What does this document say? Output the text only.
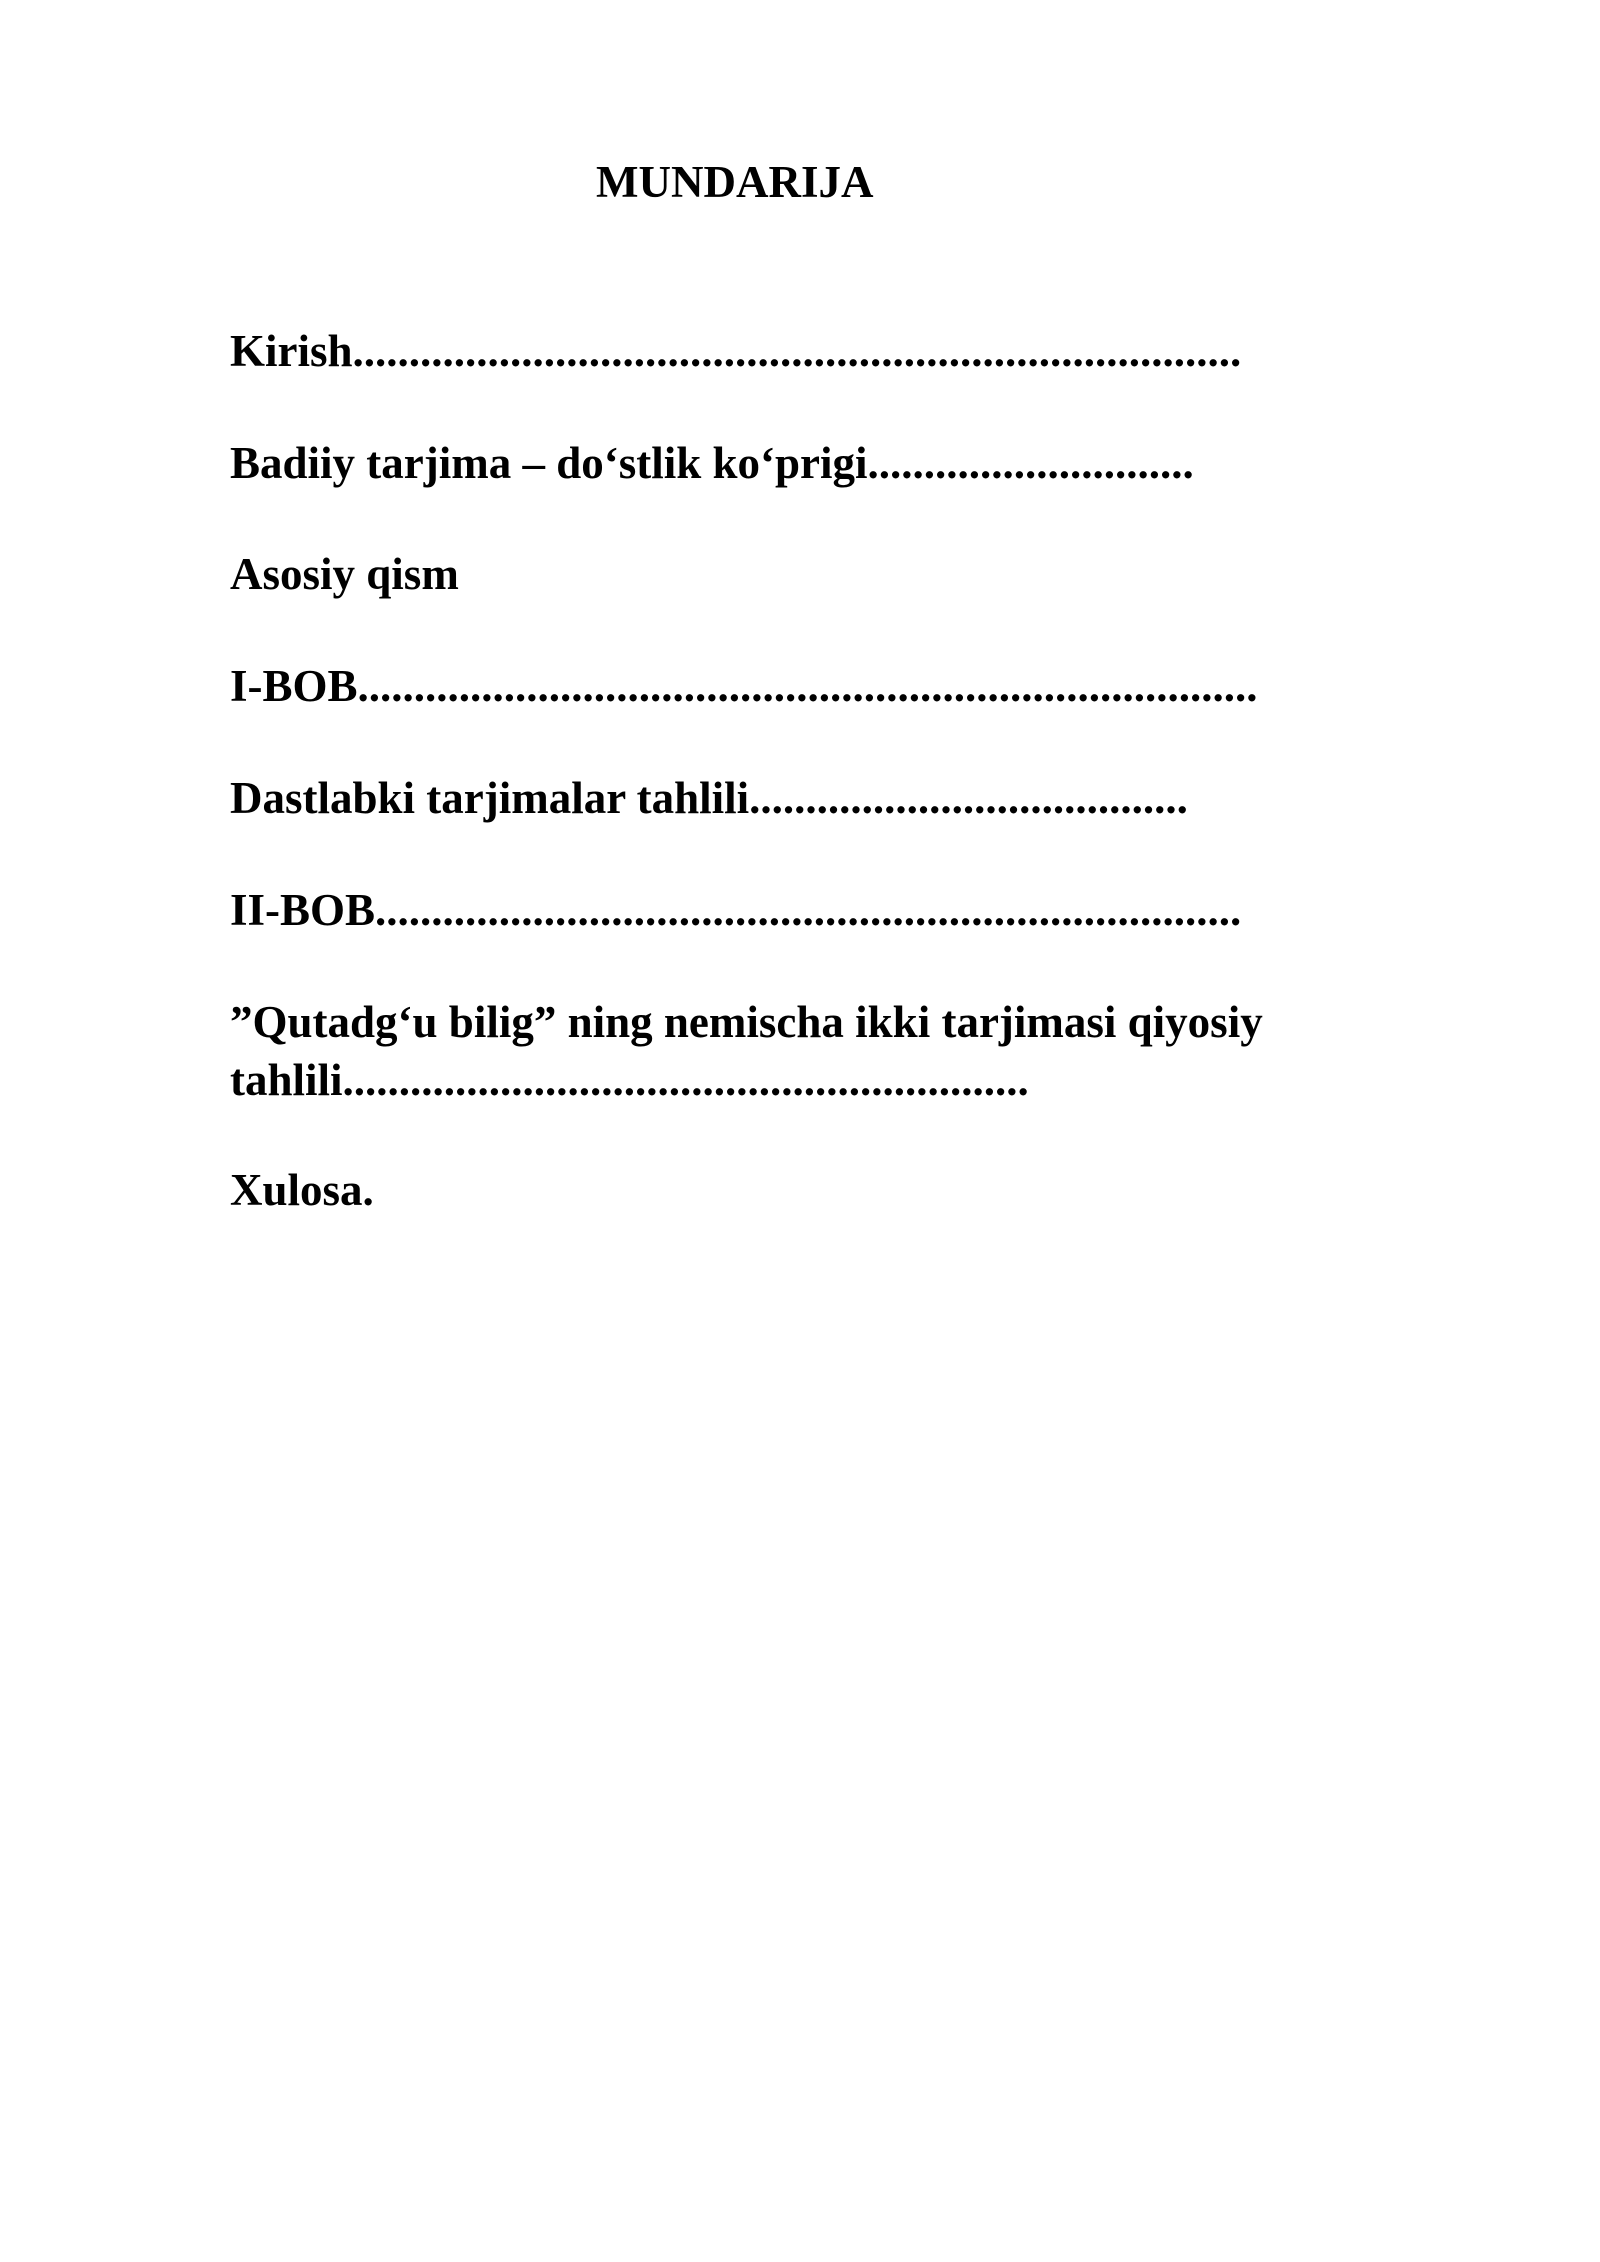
MUNDARIJA

Kirish...............................................................................

Badiiy tarjima – do‘stlik ko‘prigi.............................

Asosiy qism

I-BOB................................................................................

Dastlabki tarjimalar tahlili.......................................

II-BOB.............................................................................

”Qutadg‘u bilig” ning nemischa ikki tarjimasi qiyosiy
tahlili.............................................................

Xulosa.
